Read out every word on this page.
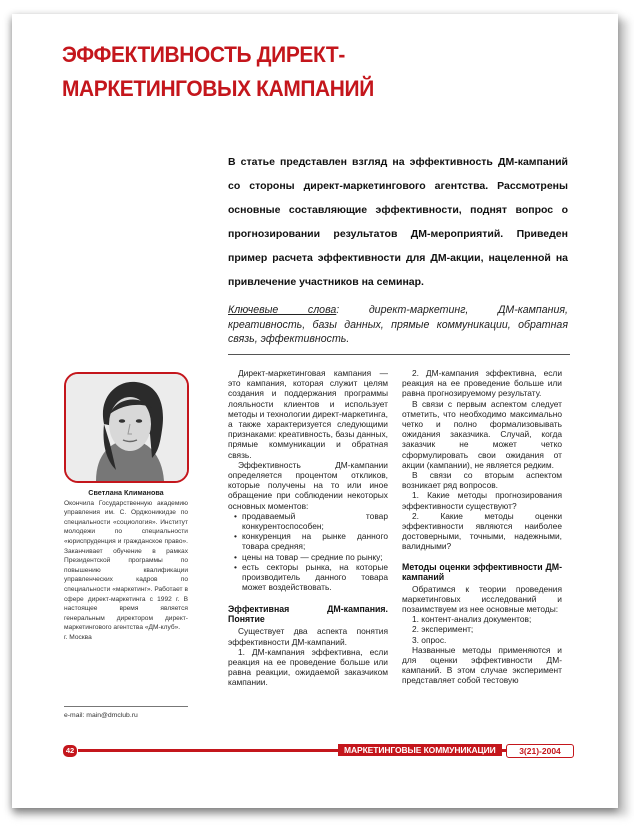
ЭФФЕКТИВНОСТЬ ДИРЕКТ-МАРКЕТИНГОВЫХ КАМПАНИЙ
В статье представлен взгляд на эффективность ДМ-кампаний со стороны директ-маркетингового агентства. Рассмотрены основные составляющие эффективности, поднят вопрос о прогнозировании результатов ДМ-мероприятий. Приведен пример расчета эффективности для ДМ-акции, нацеленной на привлечение участников на семинар.
Ключевые слова: директ-маркетинг, ДМ-кампания, креативность, базы данных, прямые коммуникации, обратная связь, эффективность.
Светлана Климанова
Окончила Государственную академию управления им. С. Орджоникидзе по специальности «социология». Институт молодежи по специальности «юриспруденция и гражданское право». Заканчивает обучение в рамках Президентской программы по повышению квалификации управленческих кадров по специальности «маркетинг». Работает в сфере директ-маркетинга с 1992 г. В настоящее время является генеральным директором директ-маркетингового агентства «ДМ-клуб».
г. Москва
e-mail: main@dmclub.ru

Директ-маркетинговая кампания — это кампания, которая служит целям создания и поддержания программы лояльности клиентов и использует методы и технологии директ-маркетинга, а также характеризуется следующими признаками: креативность, базы данных, прямые коммуникации и обратная связь.

Эффективность ДМ-кампании определяется процентом откликов, которые получены на то или иное обращение при соблюдении некоторых основных моментов:

• продаваемый товар конкурентоспособен;
• конкуренция на рынке данного товара средняя;
• цены на товар — средние по рынку;
• есть секторы рынка, на которые производитель данного товара может воздействовать.
Эффективная ДМ-кампания. Понятие

Существует два аспекта понятия эффективности ДМ-кампаний.

1. ДМ-кампания эффективна, если реакция на ее проведение больше или равна реакции, ожидаемой заказчиком кампании.

2. ДМ-кампания эффективна, если реакция на ее проведение больше или равна прогнозируемому результату.

В связи с первым аспектом следует отметить, что необходимо максимально четко и полно формализовывать ожидания заказчика. Случай, когда заказчик не может четко сформулировать свои ожидания от акции (кампании), не является редким.

В связи со вторым аспектом возникает ряд вопросов.

1. Какие методы прогнозирования эффективности существуют?

2. Какие методы оценки эффективности являются наиболее достоверными, точными, надежными, валидными?

Методы оценки эффективности ДМ-кампаний

Обратимся к теории проведения маркетинговых исследований и позаимствуем из нее основные методы:

1. контент-анализ документов;

2. эксперимент;

3. опрос.

Названные методы применяются и для оценки эффективности ДМ-кампаний. В этом случае эксперимент представляет собой тестовую

42	МАРКЕТИНГОВЫЕ КОММУНИКАЦИИ	3(21)-2004
